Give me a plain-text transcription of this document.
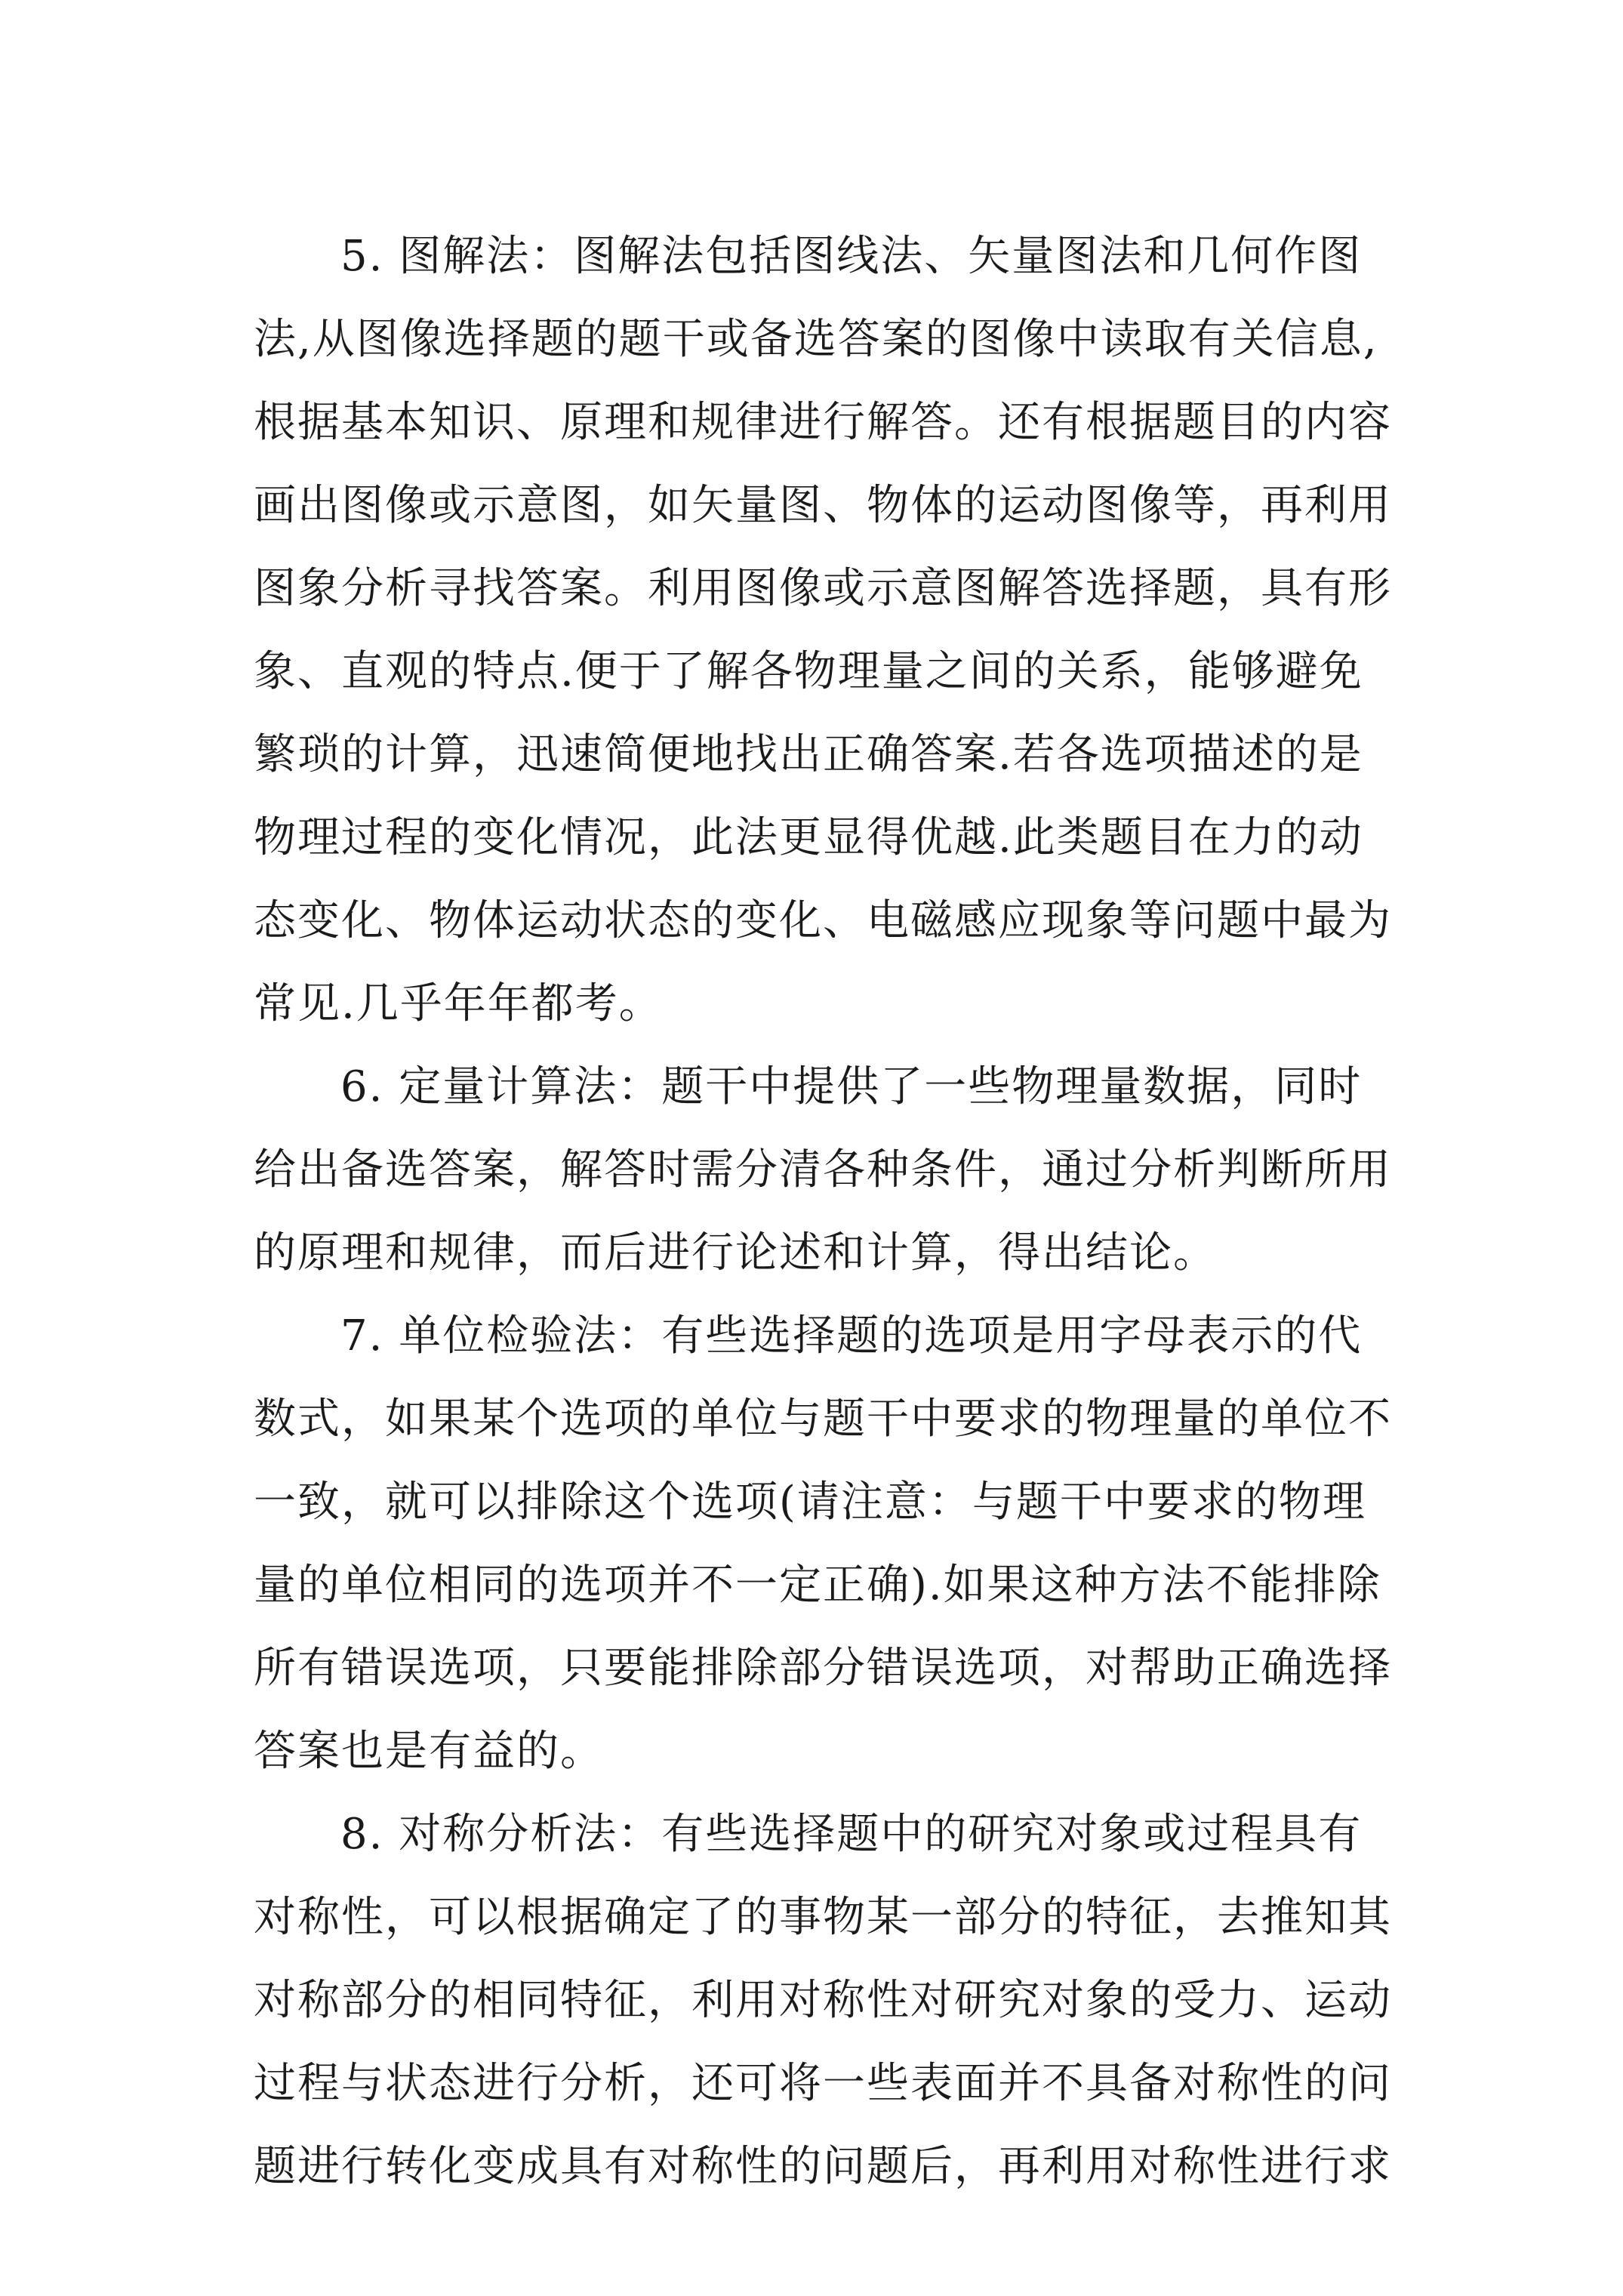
5. 图解法：图解法包括图线法、矢量图法和几何作图
法,从图像选择题的题干或备选答案的图像中读取有关信息,
根据基本知识、原理和规律进行解答。还有根据题目的内容
画出图像或示意图，如矢量图、物体的运动图像等，再利用
图象分析寻找答案。利用图像或示意图解答选择题，具有形
象、直观的特点.便于了解各物理量之间的关系，能够避免
繁琐的计算，迅速简便地找出正确答案.若各选项描述的是
物理过程的变化情况，此法更显得优越.此类题目在力的动
态变化、物体运动状态的变化、电磁感应现象等问题中最为
常见.几乎年年都考。
6. 定量计算法：题干中提供了一些物理量数据，同时
给出备选答案，解答时需分清各种条件，通过分析判断所用
的原理和规律，而后进行论述和计算，得出结论。
7. 单位检验法：有些选择题的选项是用字母表示的代
数式，如果某个选项的单位与题干中要求的物理量的单位不
一致，就可以排除这个选项(请注意：与题干中要求的物理
量的单位相同的选项并不一定正确).如果这种方法不能排除
所有错误选项，只要能排除部分错误选项，对帮助正确选择
答案也是有益的。
8. 对称分析法：有些选择题中的研究对象或过程具有
对称性，可以根据确定了的事物某一部分的特征，去推知其
对称部分的相同特征，利用对称性对研究对象的受力、运动
过程与状态进行分析，还可将一些表面并不具备对称性的问
题进行转化变成具有对称性的问题后，再利用对称性进行求
